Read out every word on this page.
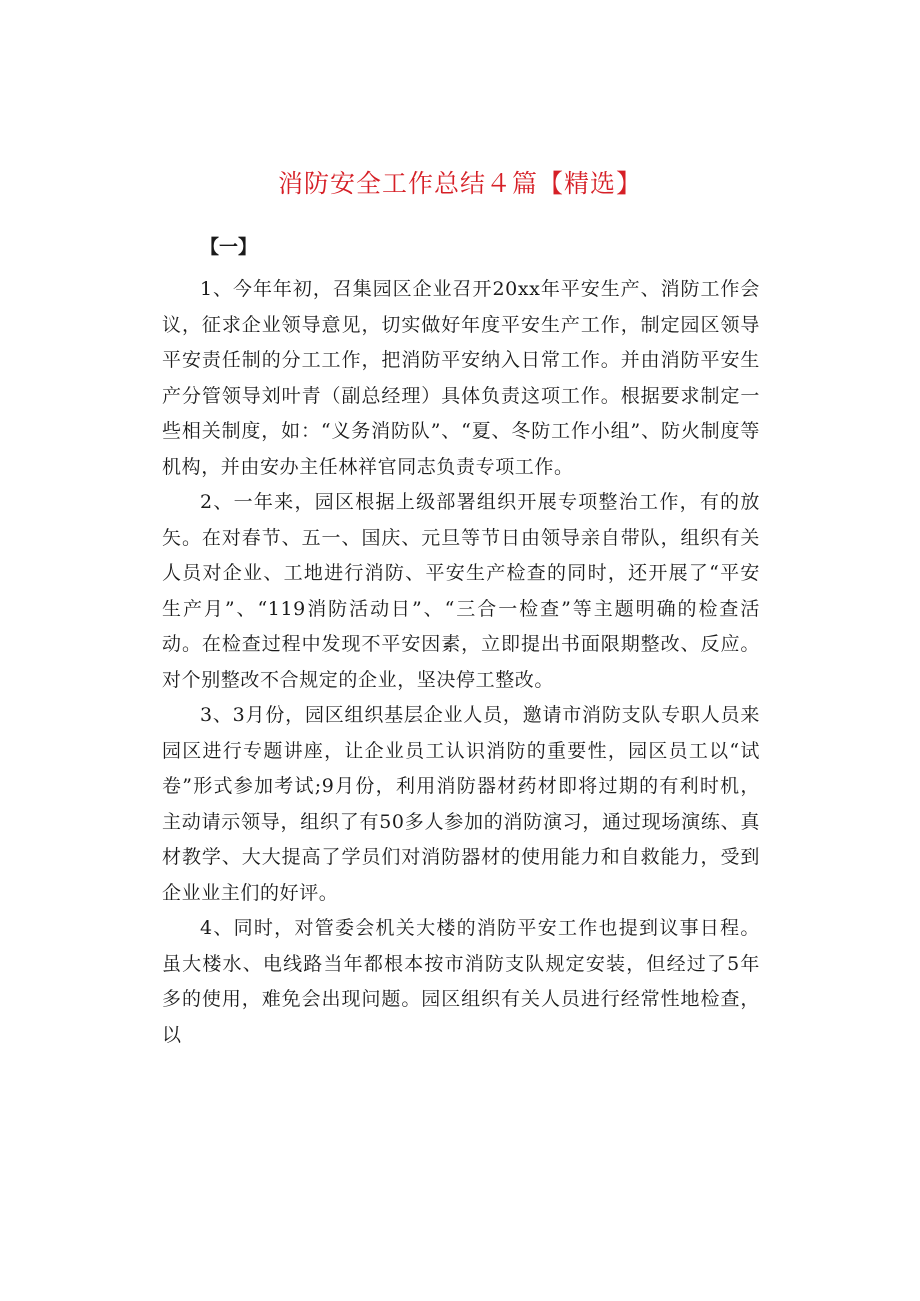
消防安全工作总结４篇【精选】
【一】

1、今年年初，召集园区企业召开20xx年平安生产、消防工作会议，征求企业领导意见，切实做好年度平安生产工作，制定园区领导平安责任制的分工工作，把消防平安纳入日常工作。并由消防平安生产分管领导刘叶青（副总经理）具体负责这项工作。根据要求制定一些相关制度，如：“义务消防队”、“夏、冬防工作小组”、防火制度等机构，并由安办主任林祥官同志负责专项工作。

2、一年来，园区根据上级部署组织开展专项整治工作，有的放矢。在对春节、五一、国庆、元旦等节日由领导亲自带队，组织有关人员对企业、工地进行消防、平安生产检查的同时，还开展了“平安生产月”、“119消防活动日”、“三合一检查”等主题明确的检查活动。在检查过程中发现不平安因素，立即提出书面限期整改、反应。对个别整改不合规定的企业，坚决停工整改。

3、3月份，园区组织基层企业人员，邀请市消防支队专职人员来园区进行专题讲座，让企业员工认识消防的重要性，园区员工以“试卷”形式参加考试;9月份，利用消防器材药材即将过期的有利时机，主动请示领导，组织了有50多人参加的消防演习，通过现场演练、真材教学、大大提高了学员们对消防器材的使用能力和自救能力，受到企业业主们的好评。

4、同时，对管委会机关大楼的消防平安工作也提到议事日程。虽大楼水、电线路当年都根本按市消防支队规定安装，但经过了5年多的使用，难免会出现问题。园区组织有关人员进行经常性地检查，以
